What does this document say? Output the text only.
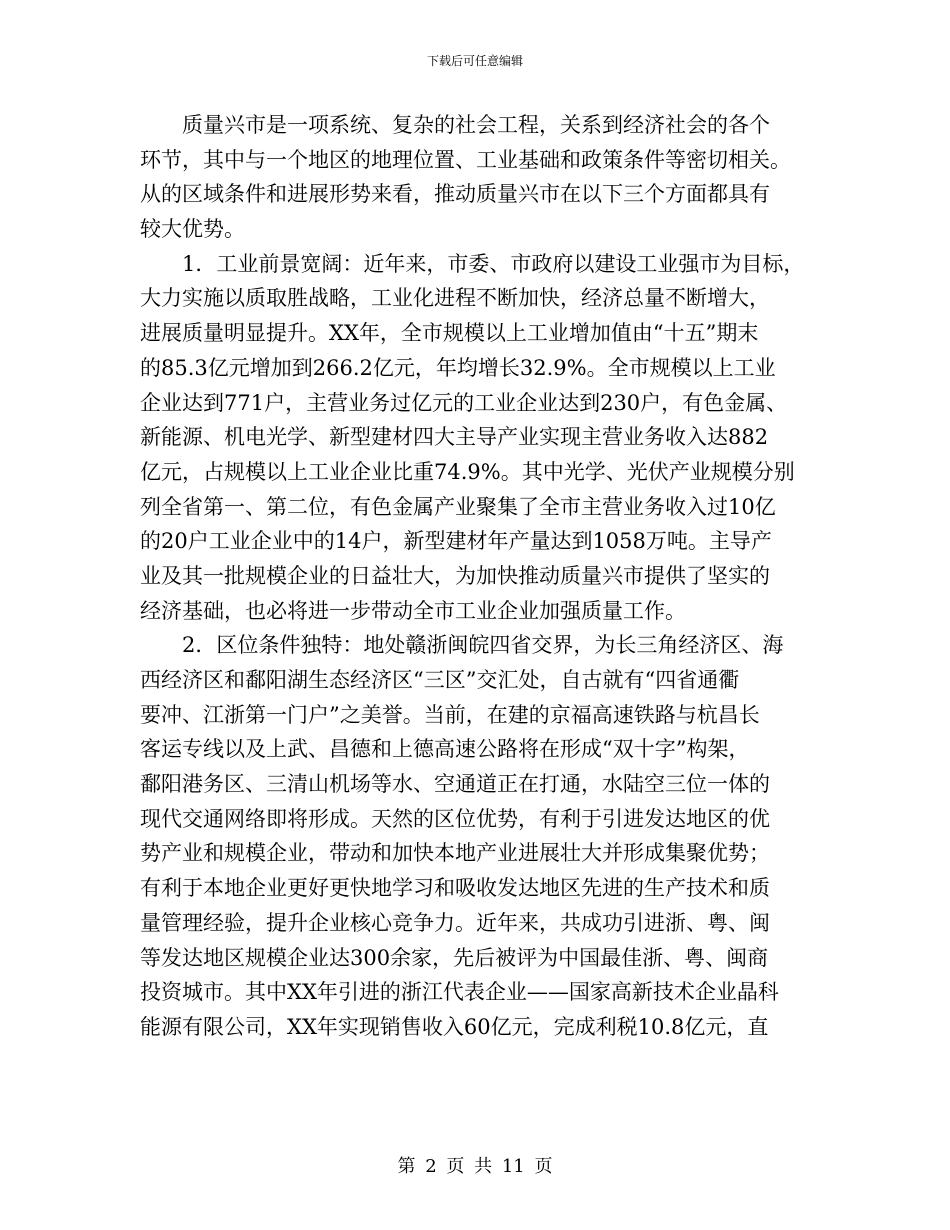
下载后可任意编辑
　　质量兴市是一项系统、复杂的社会工程，关系到经济社会的各个
环节，其中与一个地区的地理位置、工业基础和政策条件等密切相关。
从的区域条件和进展形势来看，推动质量兴市在以下三个方面都具有
较大优势。
　　1．工业前景宽阔：近年来，市委、市政府以建设工业强市为目标，
大力实施以质取胜战略，工业化进程不断加快，经济总量不断增大，
进展质量明显提升。XX年，全市规模以上工业增加值由“十五”期末
的85.3亿元增加到266.2亿元，年均增长32.9%。全市规模以上工业
企业达到771户，主营业务过亿元的工业企业达到230户，有色金属、
新能源、机电光学、新型建材四大主导产业实现主营业务收入达882
亿元，占规模以上工业企业比重74.9%。其中光学、光伏产业规模分别
列全省第一、第二位，有色金属产业聚集了全市主营业务收入过10亿
的20户工业企业中的14户，新型建材年产量达到1058万吨。主导产
业及其一批规模企业的日益壮大，为加快推动质量兴市提供了坚实的
经济基础，也必将进一步带动全市工业企业加强质量工作。
　　2．区位条件独特：地处赣浙闽皖四省交界，为长三角经济区、海
西经济区和鄱阳湖生态经济区“三区”交汇处，自古就有“四省通衢
要冲、江浙第一门户”之美誉。当前，在建的京福高速铁路与杭昌长
客运专线以及上武、昌德和上德高速公路将在形成“双十字”构架，
鄱阳港务区、三清山机场等水、空通道正在打通，水陆空三位一体的
现代交通网络即将形成。天然的区位优势，有利于引进发达地区的优
势产业和规模企业，带动和加快本地产业进展壮大并形成集聚优势；
有利于本地企业更好更快地学习和吸收发达地区先进的生产技术和质
量管理经验，提升企业核心竞争力。近年来，共成功引进浙、粤、闽
等发达地区规模企业达300余家，先后被评为中国最佳浙、粤、闽商
投资城市。其中XX年引进的浙江代表企业——国家高新技术企业晶科
能源有限公司，XX年实现销售收入60亿元，完成利税10.8亿元，直
第 2 页 共 11 页
